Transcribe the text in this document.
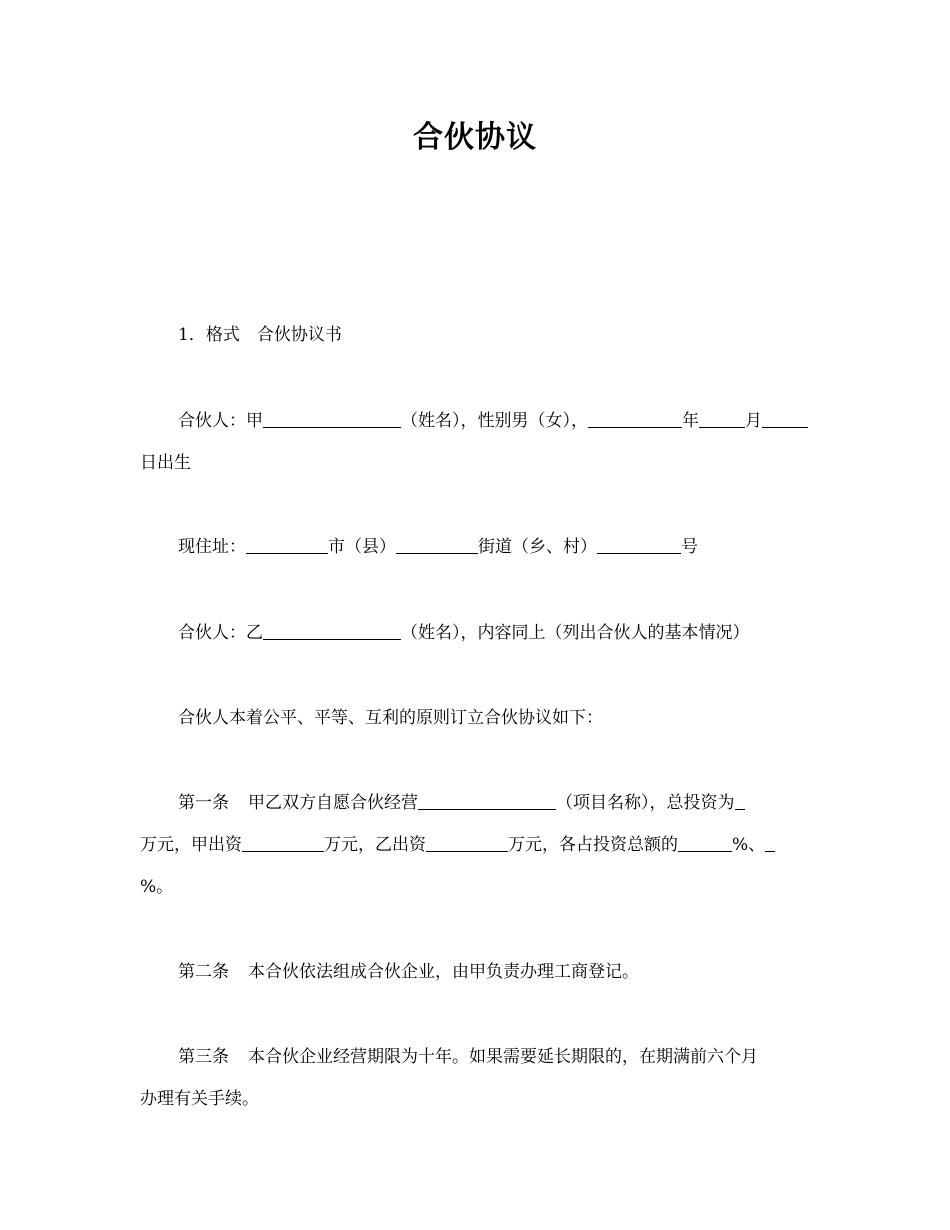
合伙协议
1．格式　合伙协议书
合伙人：甲	（姓名），性别男（女），	年	月
日出生
现住址：	市（县）	街道（乡、村）	号
合伙人：乙	（姓名），内容同上（列出合伙人的基本情况）
合伙人本着公平、平等、互利的原则订立合伙协议如下：
第一条 甲乙双方自愿合伙经营	（项目名称），总投资为
万元，甲出资	万元，乙出资	万元，各占投资总额的	%、
%。
第二条 本合伙依法组成合伙企业，由甲负责办理工商登记。
第三条 本合伙企业经营期限为十年。如果需要延长期限的，在期满前六个月
办理有关手续。
